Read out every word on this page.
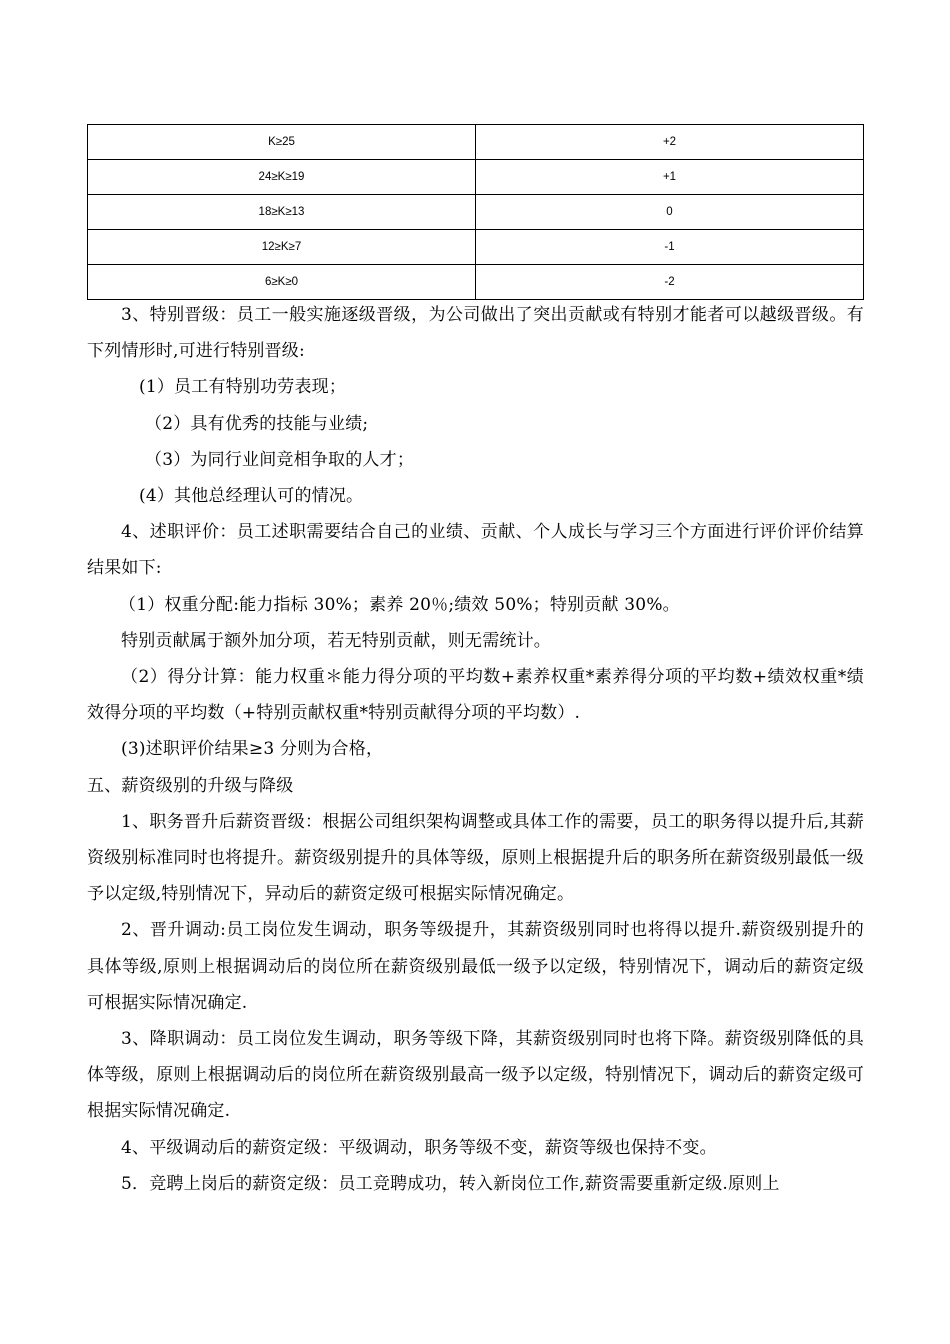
K≥25	+2
24≥K≥19	+1
18≥K≥13	0
12≥K≥7	-1
6≥K≥0	-2

3、特别晋级：员工一般实施逐级晋级，为公司做出了突出贡献或有特别才能者可以越级晋级。有下列情形时,可进行特别晋级:

(1）员工有特别功劳表现；

（2）具有优秀的技能与业绩;

（3）为同行业间竞相争取的人才；

(4）其他总经理认可的情况。

4、述职评价：员工述职需要结合自己的业绩、贡献、个人成长与学习三个方面进行评价评价结算结果如下:

（1）权重分配:能力指标 30%；素养 20％;绩效 50%；特别贡献 30%。

特别贡献属于额外加分项，若无特别贡献，则无需统计。

（2）得分计算：能力权重＊能力得分项的平均数+素养权重*素养得分项的平均数+绩效权重*绩效得分项的平均数（+特别贡献权重*特别贡献得分项的平均数）.

(3)述职评价结果≥3 分则为合格，

五、薪资级别的升级与降级

1、职务晋升后薪资晋级：根据公司组织架构调整或具体工作的需要，员工的职务得以提升后,其薪资级别标准同时也将提升。薪资级别提升的具体等级，原则上根据提升后的职务所在薪资级别最低一级予以定级,特别情况下，异动后的薪资定级可根据实际情况确定。

2、晋升调动:员工岗位发生调动，职务等级提升，其薪资级别同时也将得以提升.薪资级别提升的具体等级,原则上根据调动后的岗位所在薪资级别最低一级予以定级，特别情况下，调动后的薪资定级可根据实际情况确定.

3、降职调动：员工岗位发生调动，职务等级下降，其薪资级别同时也将下降。薪资级别降低的具体等级，原则上根据调动后的岗位所在薪资级别最高一级予以定级，特别情况下，调动后的薪资定级可根据实际情况确定.

4、平级调动后的薪资定级：平级调动，职务等级不变，薪资等级也保持不变。

5．竞聘上岗后的薪资定级：员工竞聘成功，转入新岗位工作,薪资需要重新定级.原则上
